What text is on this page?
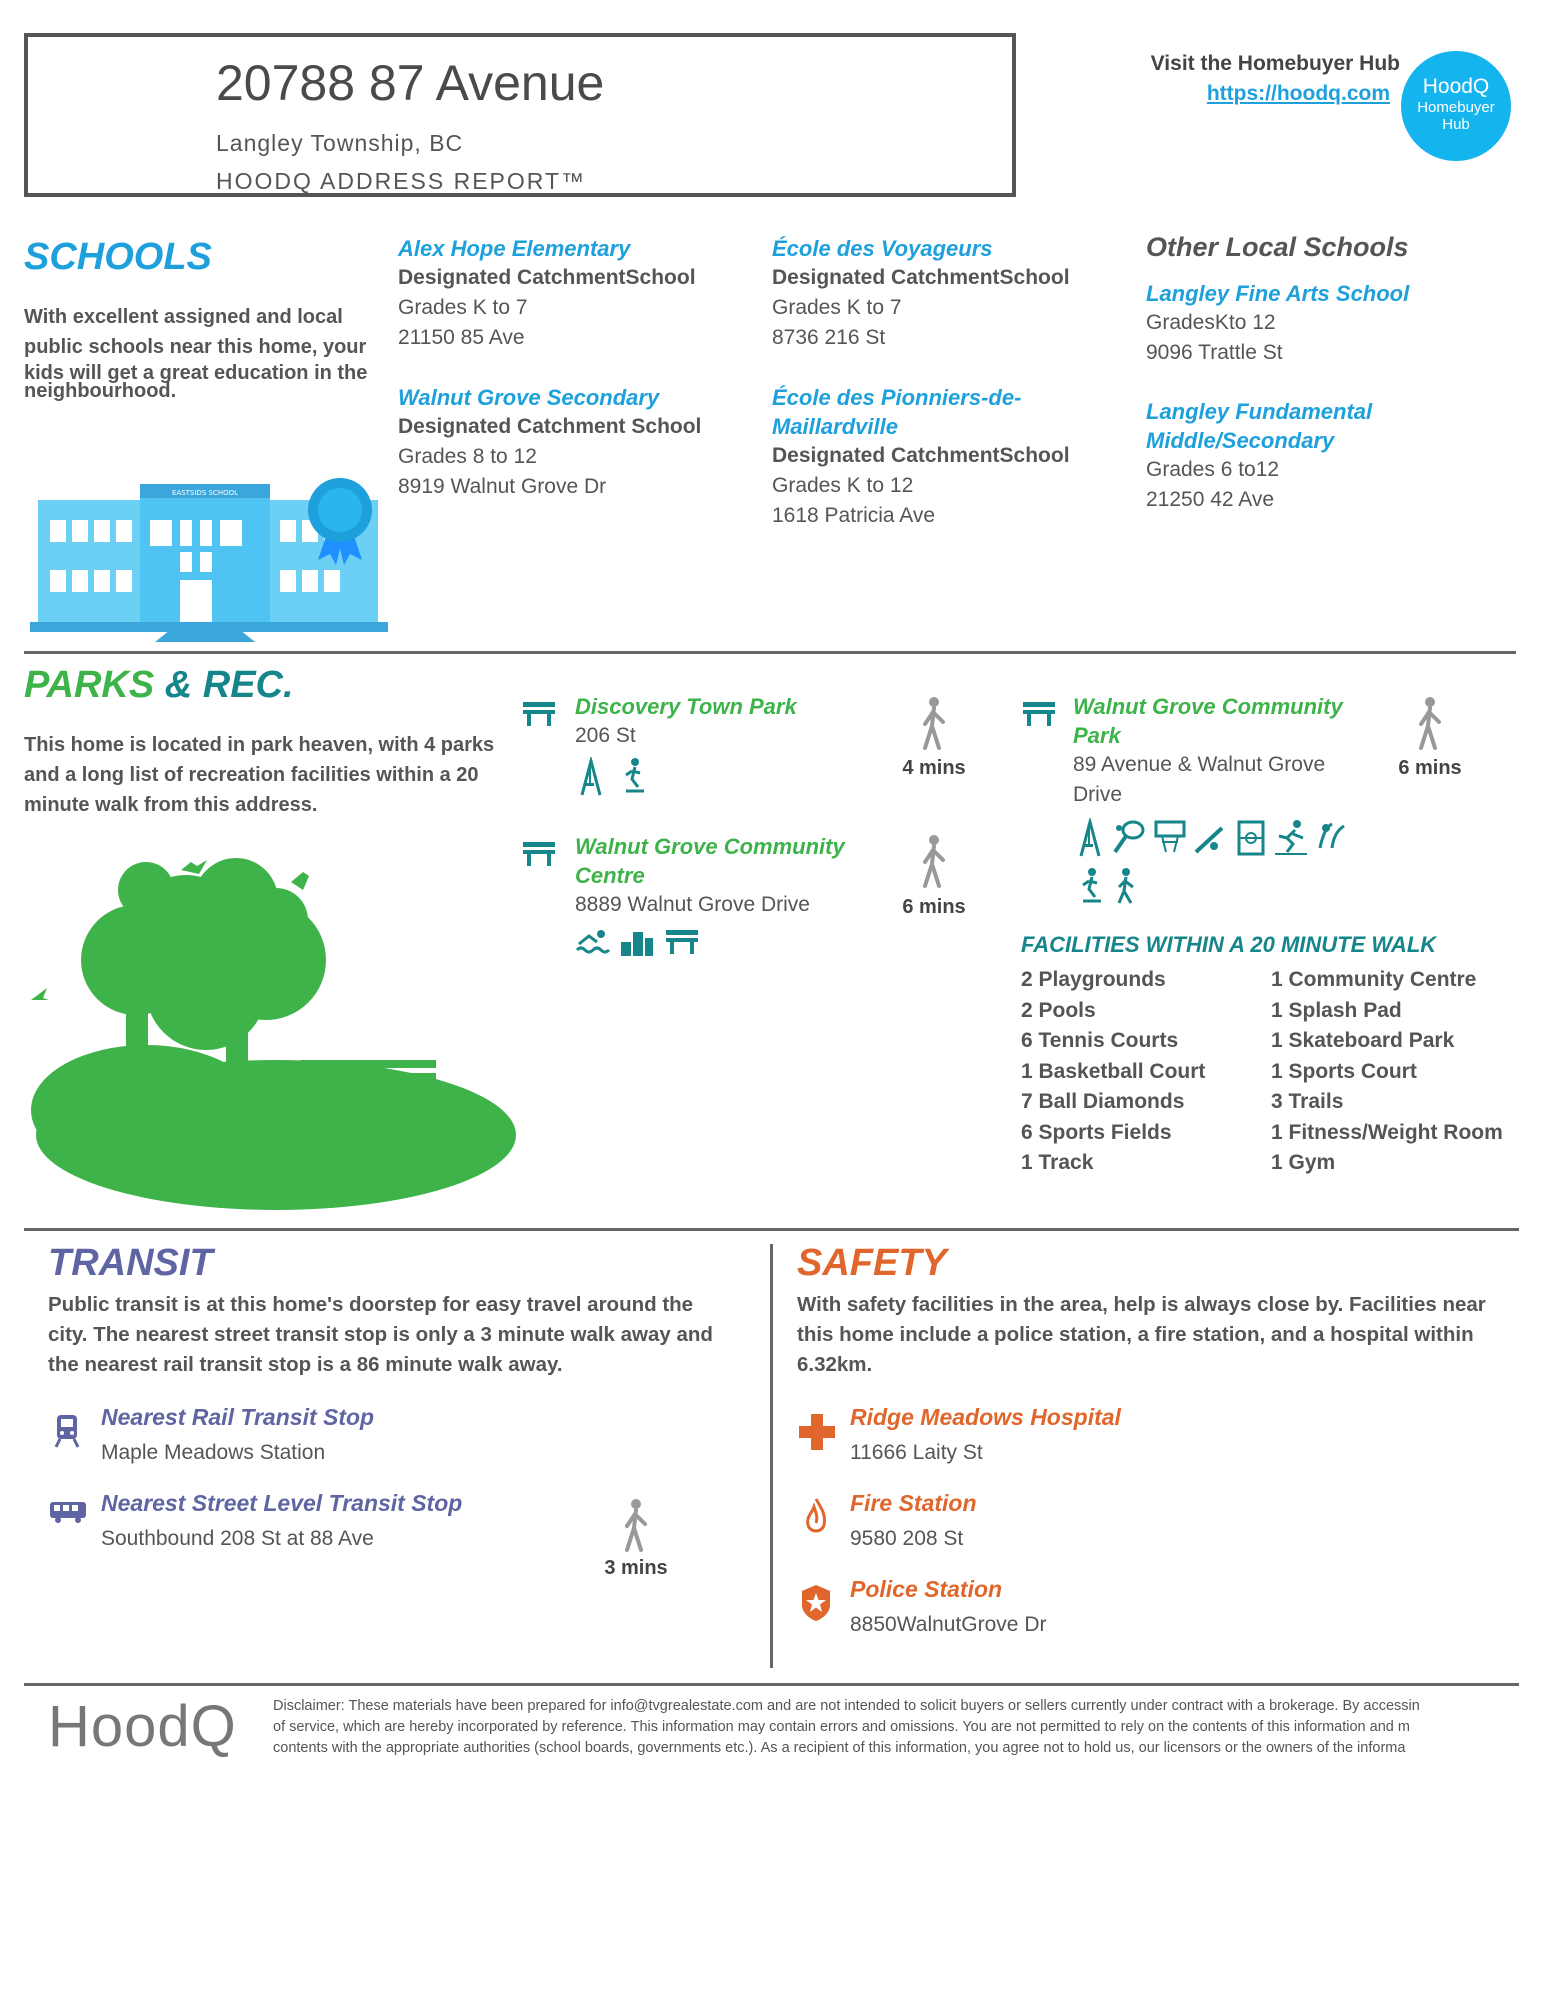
20788 87 Avenue
Langley Township, BC
HOODQ ADDRESS REPORT™
Visit the Homebuyer Hub
https://hoodq.com	HoodQ
Homebuyer
Hub
SCHOOLS
With excellent assigned and local
public schools near this home, your
kids will get a great education in the
neighbourhood.
EASTSIDS SCHOOL
Alex Hope Elementary
Designated CatchmentSchool
Grades K to 7
21150 85 Ave
Walnut Grove Secondary
Designated Catchment School
Grades 8 to 12
8919 Walnut Grove Dr
École des Voyageurs
Designated CatchmentSchool
Grades K to 7
8736 216 St
École des Pionniers-de-
Maillardville
Designated CatchmentSchool
Grades K to 12
1618 Patricia Ave
Other Local Schools
Langley Fine Arts School
GradesKto 12
9096 Trattle St
Langley Fundamental
Middle/Secondary
Grades 6 to12
21250 42 Ave
PARKS & REC.
This home is located in park heaven, with 4 parks
and a long list of recreation facilities within a 20
minute walk from this address.
Discovery Town Park
206 St

4 mins
Walnut Grove Community
Centre
8889 Walnut Grove Drive
	6 mins
Walnut Grove Community
Park
89 Avenue & Walnut Grove
Drive

6 mins
FACILITIES WITHIN A 20 MINUTE WALK
2 Playgrounds
2 Pools
6 Tennis Courts
1 Basketball Court
7 Ball Diamonds
6 Sports Fields
1 Track
1 Community Centre
1 Splash Pad
1 Skateboard Park
1 Sports Court
3 Trails
1 Fitness/Weight Room
1 Gym
TRANSIT
Public transit is at this home's doorstep for easy travel around the
city. The nearest street transit stop is only a 3 minute walk away and
the nearest rail transit stop is a 86 minute walk away.
Nearest Rail Transit Stop
Maple Meadows Station
Nearest Street Level Transit Stop
Southbound 208 St at 88 Ave
3 mins
SAFETY
With safety facilities in the area, help is always close by. Facilities near
this home include a police station, a fire station, and a hospital within
6.32km.
Ridge Meadows Hospital
11666 Laity St
Fire Station
9580 208 St
Police Station
8850WalnutGrove Dr
HoodQ Disclaimer: These materials have been prepared for info@tvgrealestate.com and are not intended to solicit buyers or sellers currently under contract with a brokerage. By accessin
of service, which are hereby incorporated by reference. This information may contain errors and omissions. You are not permitted to rely on the contents of this information and m
contents with the appropriate authorities (school boards, governments etc.). As a recipient of this information, you agree not to hold us, our licensors or the owners of the informa
